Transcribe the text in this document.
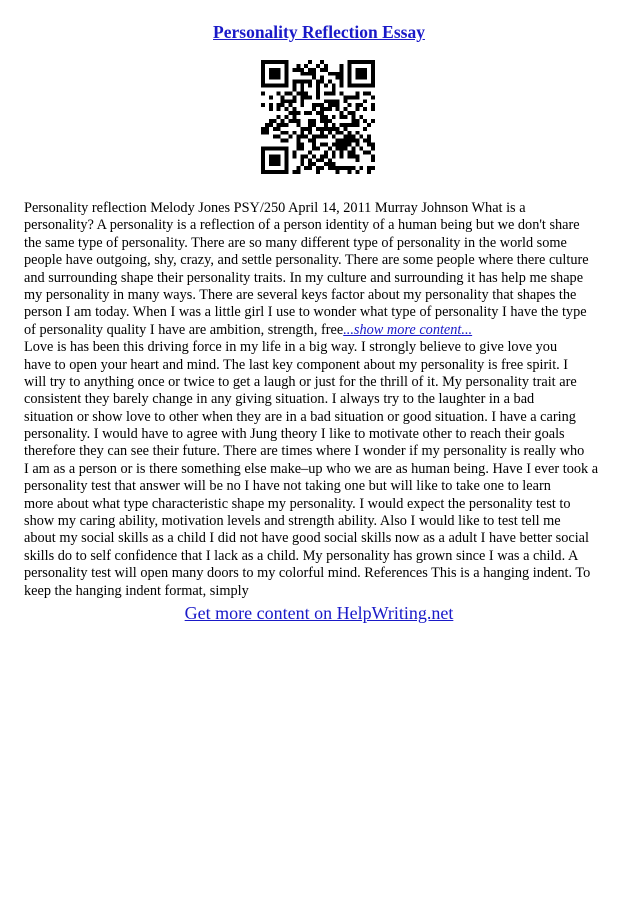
Personality Reflection Essay
Personality reflection Melody Jones PSY/250 April 14, 2011 Murray Johnson What is a
personality? A personality is a reflection of a person identity of a human being but we don't share
the same type of personality. There are so many different type of personality in the world some
people have outgoing, shy, crazy, and settle personality. There are some people where there culture
and surrounding shape their personality traits. In my culture and surrounding it has help me shape
my personality in many ways. There are several keys factor about my personality that shapes the
person I am today. When I was a little girl I use to wonder what type of personality I have the type
of personality quality I have are ambition, strength, free...show more content...
Love is has been this driving force in my life in a big way. I strongly believe to give love you
have to open your heart and mind. The last key component about my personality is free spirit. I
will try to anything once or twice to get a laugh or just for the thrill of it. My personality trait are
consistent they barely change in any giving situation. I always try to the laughter in a bad
situation or show love to other when they are in a bad situation or good situation. I have a caring
personality. I would have to agree with Jung theory I like to motivate other to reach their goals
therefore they can see their future. There are times where I wonder if my personality is really who
I am as a person or is there something else make–up who we are as human being. Have I ever took a
personality test that answer will be no I have not taking one but will like to take one to learn
more about what type characteristic shape my personality. I would expect the personality test to
show my caring ability, motivation levels and strength ability. Also I would like to test tell me
about my social skills as a child I did not have good social skills now as a adult I have better social
skills do to self confidence that I lack as a child. My personality has grown since I was a child. A
personality test will open many doors to my colorful mind. References This is a hanging indent. To
keep the hanging indent format, simply
Get more content on HelpWriting.net
